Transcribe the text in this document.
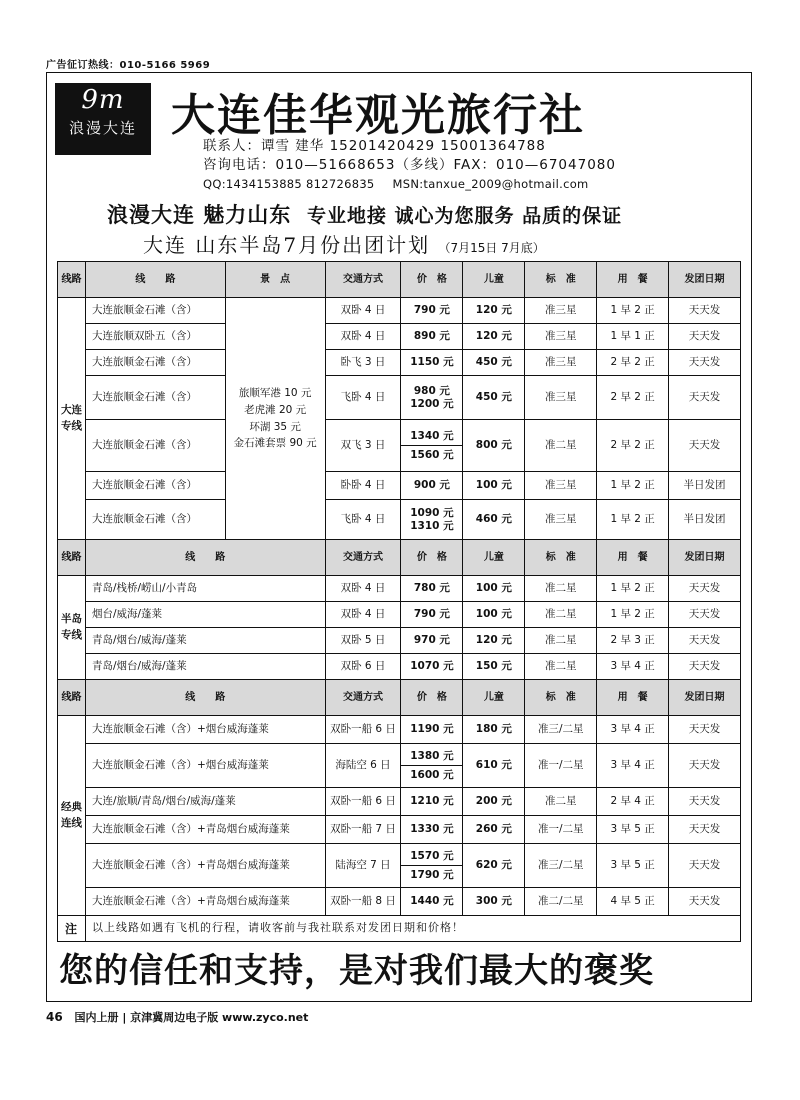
广告征订热线：010-5166 5969
9m
浪漫大连 大连佳华观光旅行社
联系人：谭雪 建华 15201420429 15001364788
咨询电话：010—51668653（多线）FAX：010—67047080
QQ:1434153885 812726835 MSN:tanxue_2009@hotmail.com
浪漫大连 魅力山东 专业地接 诚心为您服务 品质的保证
大连 山东半岛7月份出团计划 （7月15日 7月底）
线路	线　　路	景　点	交通方式	价　格	儿童	标　准	用　餐	发团日期
大连专线	大连旅顺金石滩（含）	旅顺军港 10 元
老虎滩 20 元
环湖 35 元
金石滩套票 90 元	双卧 4 日	790 元	120 元	准三星	1 早 2 正	天天发
	大连旅顺双卧五（含）		双卧 4 日	890 元	120 元	准三星	1 早 1 正	天天发
	大连旅顺金石滩（含）		卧飞 3 日	1150 元	450 元	准三星	2 早 2 正	天天发
	大连旅顺金石滩（含）		飞卧 4 日	980 元
1200 元	450 元	准三星	2 早 2 正	天天发
	大连旅顺金石滩（含）		双飞 3 日	1340 元
1560 元	800 元	准二星	2 早 2 正	天天发
	大连旅顺金石滩（含）		卧卧 4 日	900 元	100 元	准三星	1 早 2 正	半日发团
	大连旅顺金石滩（含）		飞卧 4 日	1090 元
1310 元	460 元	准三星	1 早 2 正	半日发团
线路	线　　路		交通方式	价　格	儿童	标　准	用　餐	发团日期
半岛专线	青岛/栈桥/崂山/小青岛		双卧 4 日	780 元	100 元	准二星	1 早 2 正	天天发
	烟台/威海/蓬莱		双卧 4 日	790 元	100 元	准二星	1 早 2 正	天天发
	青岛/烟台/威海/蓬莱		双卧 5 日	970 元	120 元	准二星	2 早 3 正	天天发
	青岛/烟台/威海/蓬莱		双卧 6 日	1070 元	150 元	准二星	3 早 4 正	天天发
线路	线　　路		交通方式	价　格	儿童	标　准	用　餐	发团日期
经典连线	大连旅顺金石滩（含）+烟台威海蓬莱		双卧一船 6 日	1190 元	180 元	准三/二星	3 早 4 正	天天发
	大连旅顺金石滩（含）+烟台威海蓬莱		海陆空 6 日	1380 元
1600 元	610 元	准一/二星	3 早 4 正	天天发
	大连/旅顺/青岛/烟台/威海/蓬莱		双卧一船 6 日	1210 元	200 元	准二星	2 早 4 正	天天发
	大连旅顺金石滩（含）+青岛烟台威海蓬莱		双卧一船 7 日	1330 元	260 元	准一/二星	3 早 5 正	天天发
	大连旅顺金石滩（含）+青岛烟台威海蓬莱		陆海空 7 日	1570 元
1790 元	620 元	准三/二星	3 早 5 正	天天发
	大连旅顺金石滩（含）+青岛烟台威海蓬莱		双卧一船 8 日	1440 元	300 元	准二/二星	4 早 5 正	天天发
注	以上线路如遇有飞机的行程，请收客前与我社联系对发团日期和价格！							
您的信任和支持，是对我们最大的褒奖
46 国内上册 | 京津冀周边电子版 www.zyco.net
